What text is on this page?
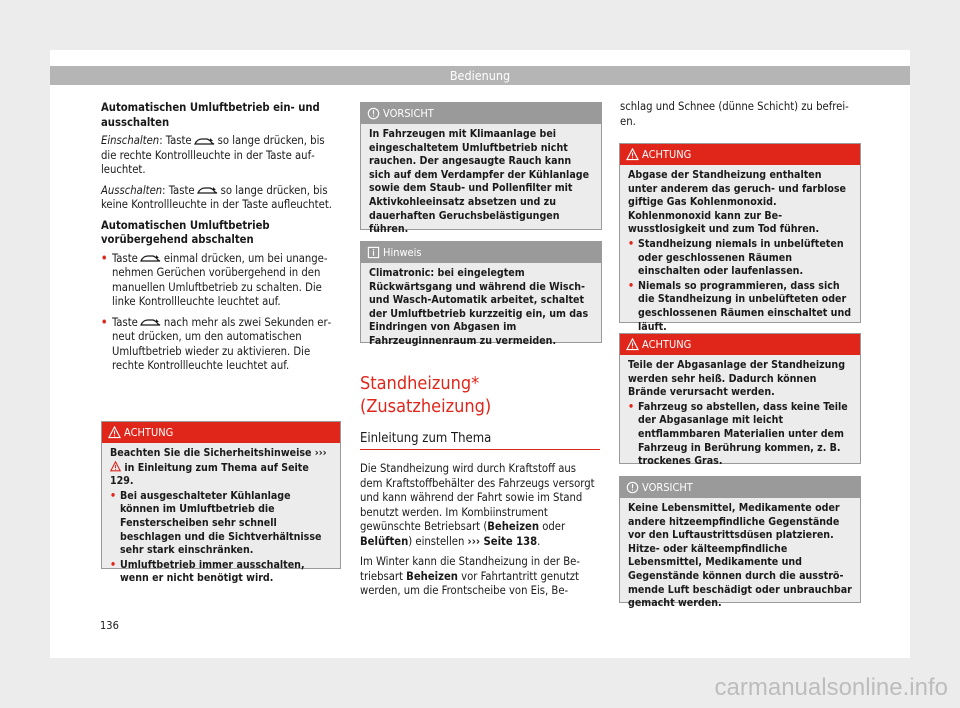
Bedienung

Automatischen Umluftbetrieb ein- und ausschalten

Einschalten: Taste so lange drücken, bis die rechte Kontrollleuchte in der Taste aufleuchtet.

Ausschalten: Taste so lange drücken, bis keine Kontrollleuchte in der Taste aufleuchtet.

Automatischen Umluftbetrieb vorübergehend abschalten

• Taste einmal drücken, um bei unangenehmen Gerüchen vorübergehend in den manuellen Umluftbetrieb zu schalten. Die linke Kontrollleuchte leuchtet auf.

• Taste nach mehr als zwei Sekunden erneut drücken, um den automatischen Umluftbetrieb wieder zu aktivieren. Die rechte Kontrollleuchte leuchtet auf.

ACHTUNG

Beachten Sie die Sicherheitshinweise ›››  in Einleitung zum Thema auf Seite 129.

• Bei ausgeschalteter Kühlanlage können im Umluftbetrieb die Fensterscheiben sehr schnell beschlagen und die Sichtverhältnisse sehr stark einschränken.

• Umluftbetrieb immer ausschalten, wenn er nicht benötigt wird.

VORSICHT

In Fahrzeugen mit Klimaanlage bei eingeschaltetem Umluftbetrieb nicht rauchen. Der angesaugte Rauch kann sich auf dem Verdampfer der Kühlanlage sowie dem Staub- und Pollenfilter mit Aktivkohleeinsatz absetzen und zu dauerhaften Geruchsbelästigungen führen.

Hinweis

Climatronic: bei eingelegtem Rückwärtsgang und während die Wisch- und Wasch-Automatik arbeitet, schaltet der Umluftbetrieb kurzzeitig ein, um das Eindringen von Abgasen im Fahrzeuginnenraum zu vermeiden.

Standheizung* (Zusatzheizung)
Einleitung zum Thema

Die Standheizung wird durch Kraftstoff aus dem Kraftstoffbehälter des Fahrzeugs versorgt und kann während der Fahrt sowie im Stand benutzt werden. Im Kombiinstrument gewünschte Betriebsart (Beheizen oder Belüften) einstellen ››› Seite 138.

Im Winter kann die Standheizung in der Betriebsart Beheizen vor Fahrtantritt genutzt werden, um die Frontscheibe von Eis, Be-

schlag und Schnee (dünne Schicht) zu befreien.

ACHTUNG

Abgase der Standheizung enthalten unter anderem das geruch- und farblose giftige Gas Kohlenmonoxid. Kohlenmonoxid kann zur Bewusstlosigkeit und zum Tod führen.

• Standheizung niemals in unbelüfteten oder geschlossenen Räumen einschalten oder laufenlassen.

• Niemals so programmieren, dass sich die Standheizung in unbelüfteten oder geschlossenen Räumen einschaltet und läuft.

ACHTUNG

Teile der Abgasanlage der Standheizung werden sehr heiß. Dadurch können Brände verursacht werden.

• Fahrzeug so abstellen, dass keine Teile der Abgasanlage mit leicht entflammbaren Materialien unter dem Fahrzeug in Berührung kommen, z. B. trockenes Gras.

VORSICHT

Keine Lebensmittel, Medikamente oder andere hitzeempfindliche Gegenstände vor den Luftaustrittsdüsen platzieren. Hitze- oder kälteempfindliche Lebensmittel, Medikamente und Gegenstände können durch die ausströmende Luft beschädigt oder unbrauchbar gemacht werden.

136
carmanualsonline.info
